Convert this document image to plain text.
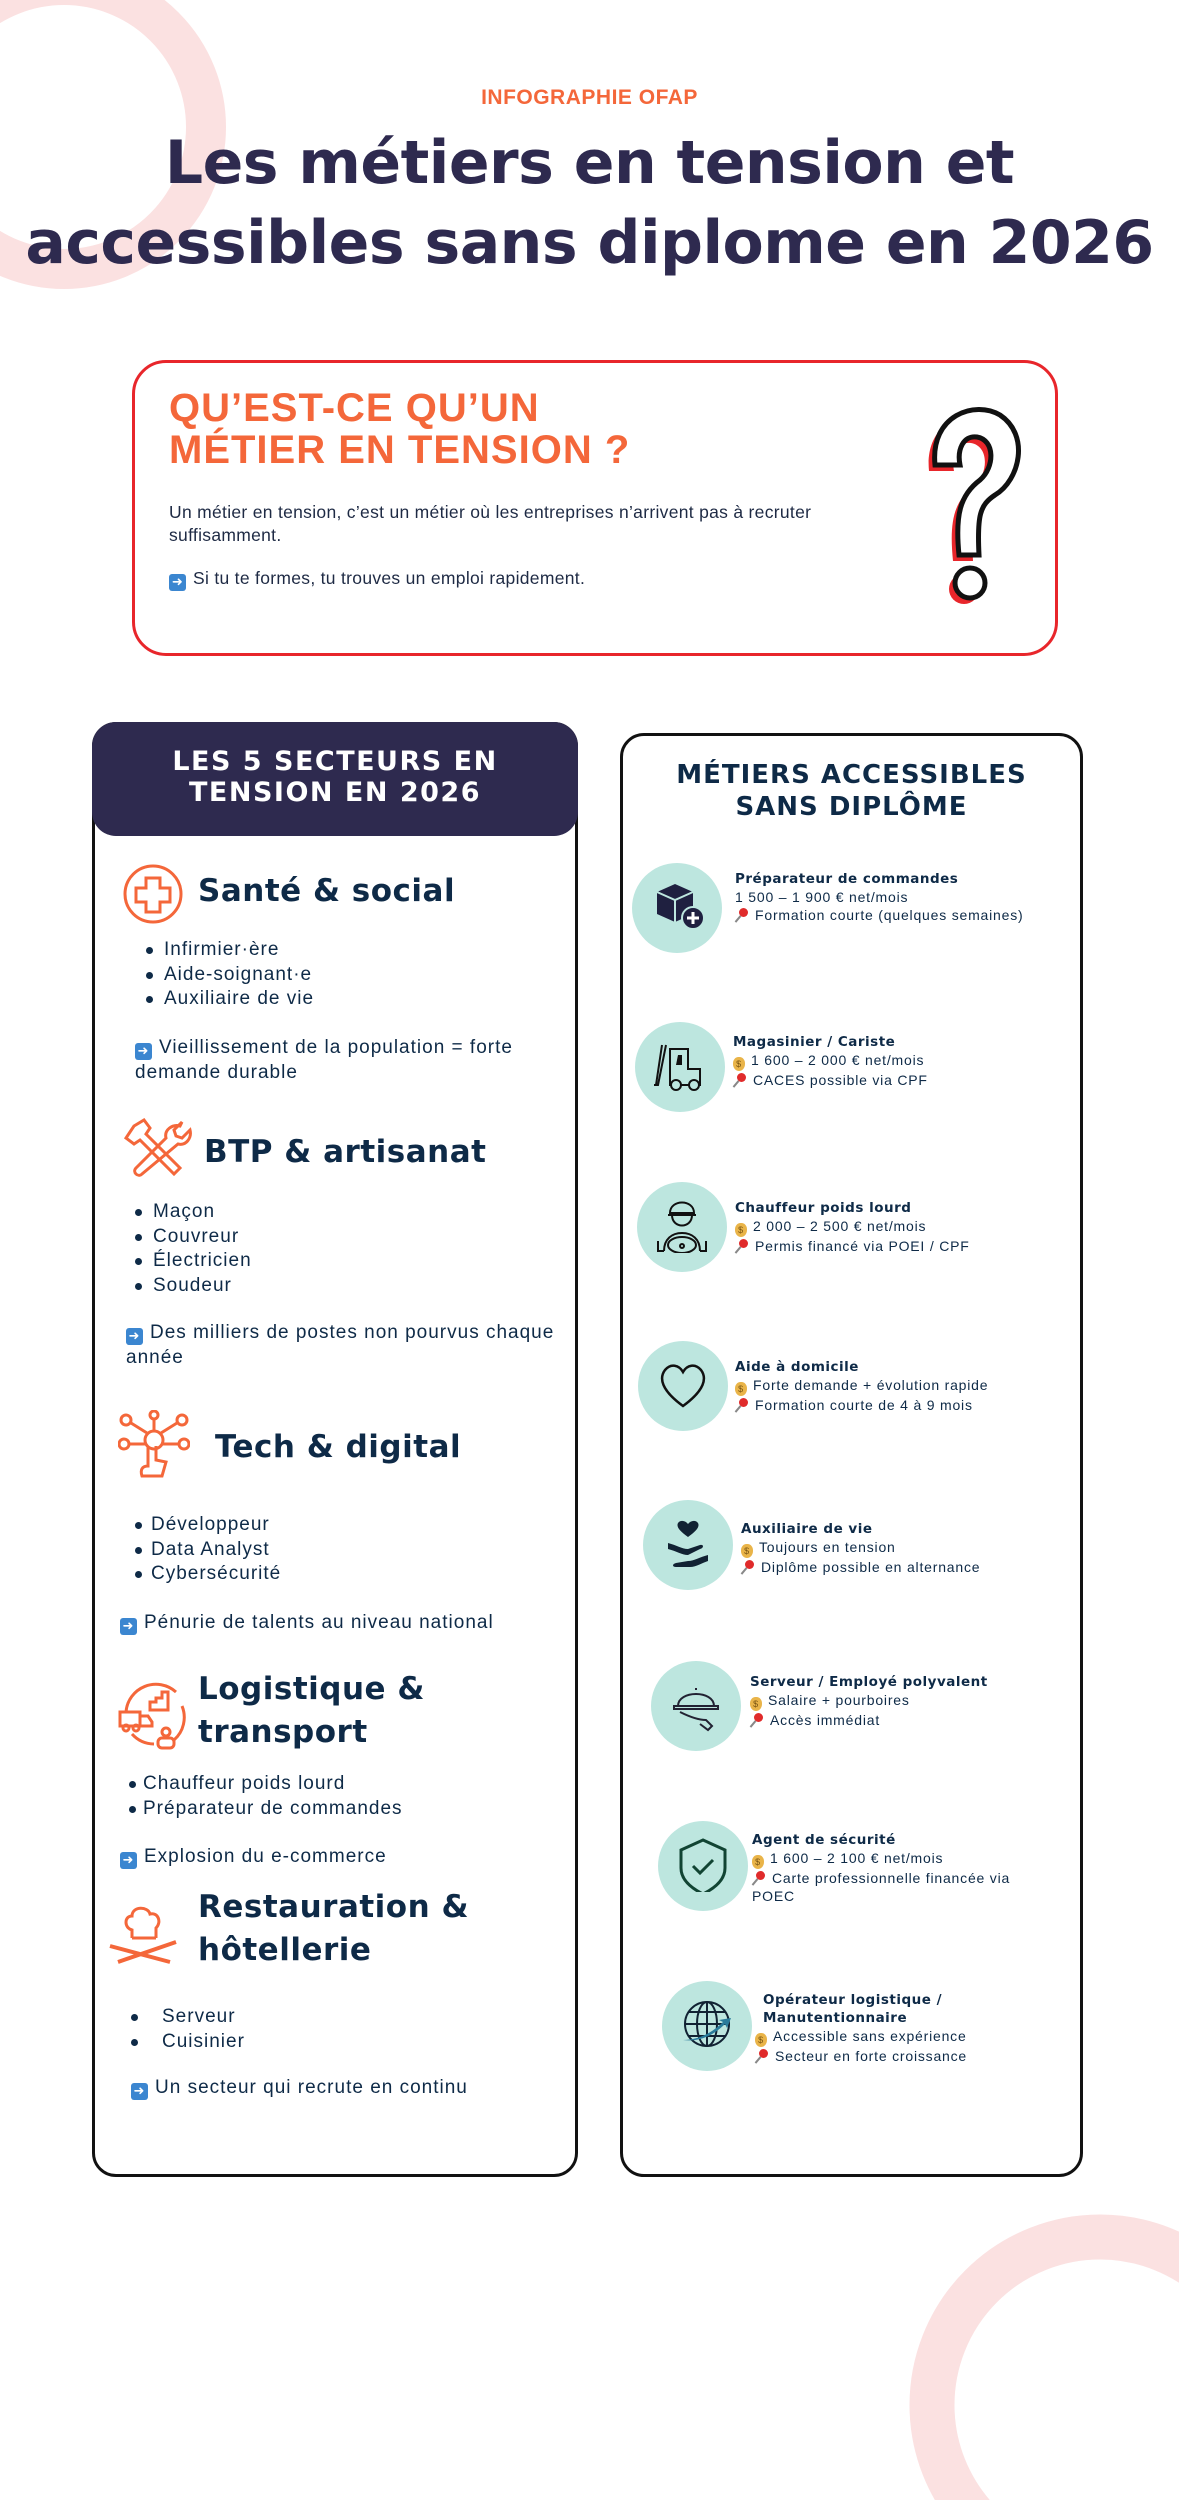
INFOGRAPHIE OFAP
Les métiers en tension et
accessibles sans diplome en 2026
QU’EST-CE QU’UN
MÉTIER EN TENSION ?
Un métier en tension, c’est un métier où les entreprises n’arrivent pas à recruter suffisamment.
➜ Si tu te formes, tu trouves un emploi rapidement.
LES 5 SECTEURS EN
TENSION EN 2026
Santé & social
Infirmier·ère
Aide-soignant·e
Auxiliaire de vie
➜ Vieillissement de la population = forte demande durable
BTP & artisanat
Maçon
Couvreur
Électricien
Soudeur
➜ Des milliers de postes non pourvus chaque année
Tech & digital
Développeur
Data Analyst
Cybersécurité
➜ Pénurie de talents au niveau national
Logistique & transport
Chauffeur poids lourd
Préparateur de commandes
➜ Explosion du e-commerce
Restauration & hôtellerie
Serveur
Cuisinier
➜ Un secteur qui recrute en continu
MÉTIERS ACCESSIBLES
SANS DIPLÔME
Préparateur de commandes
1 500 – 1 900 € net/mois
Formation courte (quelques semaines)
Magasinier / Cariste
$ 1 600 – 2 000 € net/mois
CACES possible via CPF
Chauffeur poids lourd
$ 2 000 – 2 500 € net/mois
Permis financé via POEI / CPF
Aide à domicile
$ Forte demande + évolution rapide
Formation courte de 4 à 9 mois
Auxiliaire de vie
$ Toujours en tension
Diplôme possible en alternance
Serveur / Employé polyvalent
$ Salaire + pourboires
Accès immédiat
Agent de sécurité
$ 1 600 – 2 100 € net/mois
Carte professionnelle financée via POEC
Opérateur logistique / Manutentionnaire
$ Accessible sans expérience
Secteur en forte croissance
